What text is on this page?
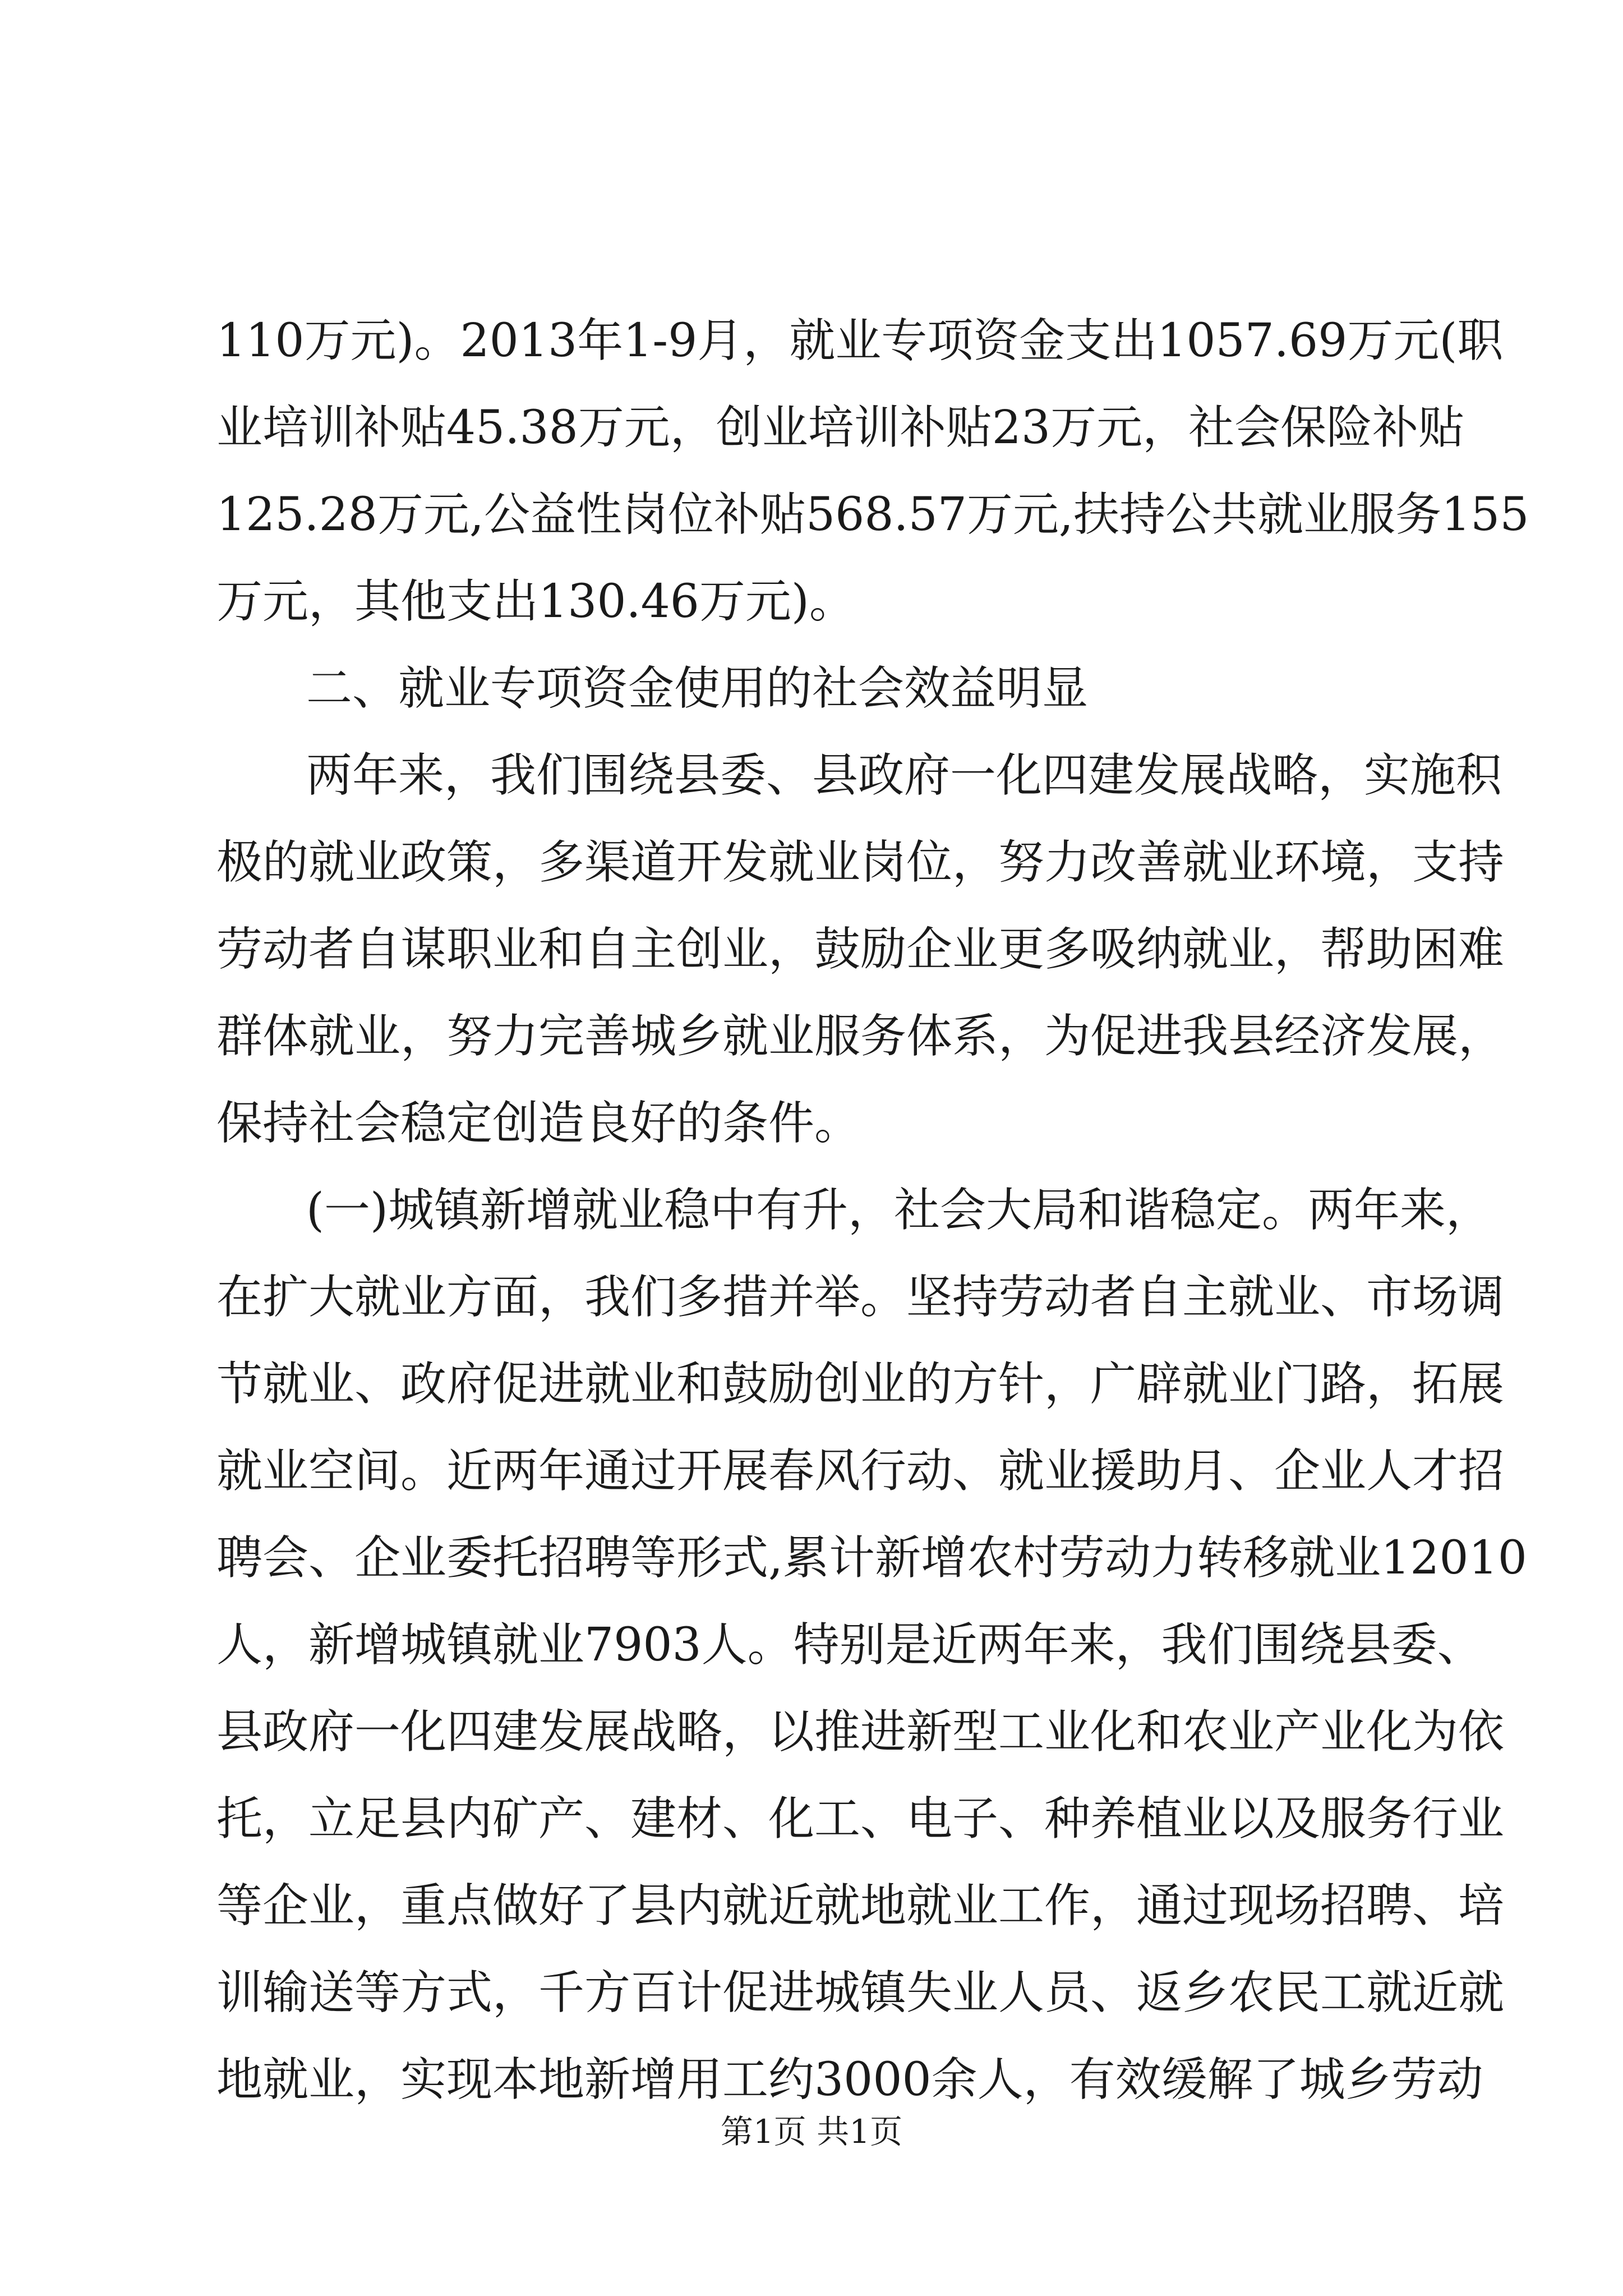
110万元)。2013年1-9月，就业专项资金支出1057.69万元(职
业培训补贴45.38万元，创业培训补贴23万元，社会保险补贴
125.28万元,公益性岗位补贴568.57万元,扶持公共就业服务155
万元，其他支出130.46万元)。
二、就业专项资金使用的社会效益明显
两年来，我们围绕县委、县政府一化四建发展战略，实施积
极的就业政策，多渠道开发就业岗位，努力改善就业环境，支持
劳动者自谋职业和自主创业，鼓励企业更多吸纳就业，帮助困难
群体就业，努力完善城乡就业服务体系，为促进我县经济发展，
保持社会稳定创造良好的条件。
(一)城镇新增就业稳中有升，社会大局和谐稳定。两年来，
在扩大就业方面，我们多措并举。坚持劳动者自主就业、市场调
节就业、政府促进就业和鼓励创业的方针，广辟就业门路，拓展
就业空间。近两年通过开展春风行动、就业援助月、企业人才招
聘会、企业委托招聘等形式,累计新增农村劳动力转移就业12010
人，新增城镇就业7903人。特别是近两年来，我们围绕县委、
县政府一化四建发展战略，以推进新型工业化和农业产业化为依
托，立足县内矿产、建材、化工、电子、种养植业以及服务行业
等企业，重点做好了县内就近就地就业工作，通过现场招聘、培
训输送等方式，千方百计促进城镇失业人员、返乡农民工就近就
地就业，实现本地新增用工约3000余人，有效缓解了城乡劳动
第1页 共1页
